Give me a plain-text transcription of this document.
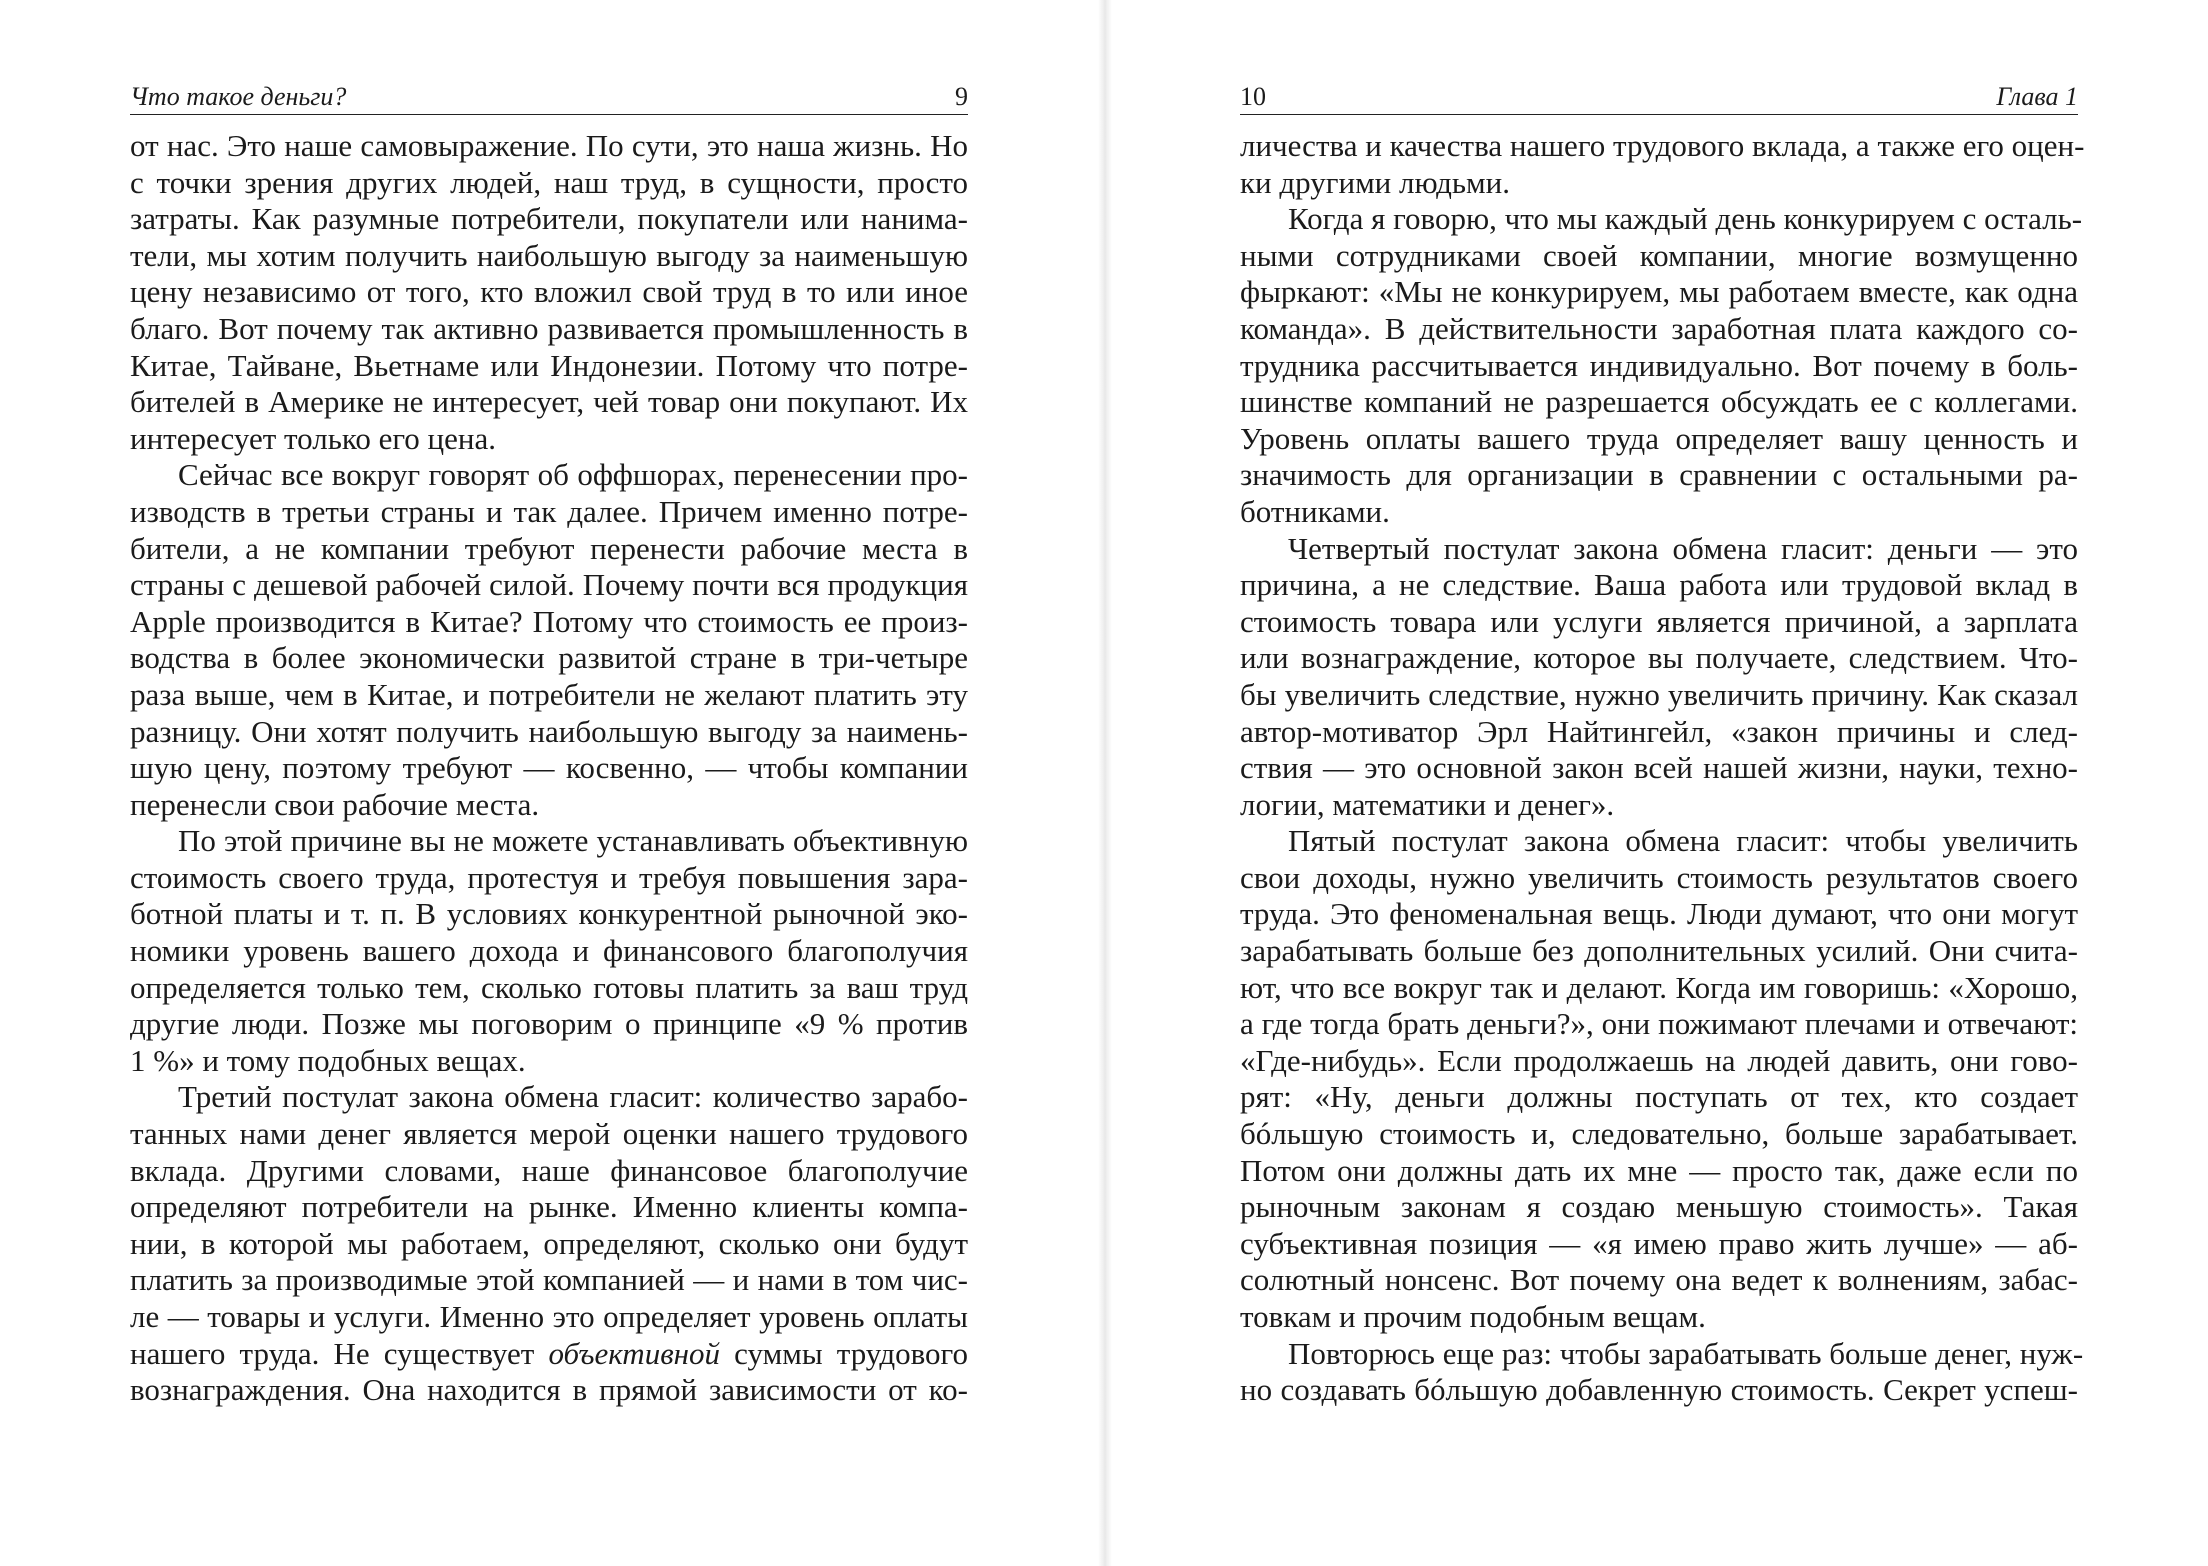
Что такое деньги?	9
от нас. Это наше самовыражение. По сути, это наша жизнь. Но
с точки зрения других людей, наш труд, в сущности, просто
затраты. Как разумные потребители, покупатели или нанима-
тели, мы хотим получить наибольшую выгоду за наименьшую
цену независимо от того, кто вложил свой труд в то или иное
благо. Вот почему так активно развивается промышленность в
Китае, Тайване, Вьетнаме или Индонезии. Потому что потре-
бителей в Америке не интересует, чей товар они покупают. Их
интересует только его цена.
Сейчас все вокруг говорят об оффшорах, перенесении про-
изводств в третьи страны и так далее. Причем именно потре-
бители, а не компании требуют перенести рабочие места в
страны с дешевой рабочей силой. Почему почти вся продукция
Apple производится в Китае? Потому что стоимость ее произ-
водства в более экономически развитой стране в три-четыре
раза выше, чем в Китае, и потребители не желают платить эту
разницу. Они хотят получить наибольшую выгоду за наимень-
шую цену, поэтому требуют — косвенно, — чтобы компании
перенесли свои рабочие места.
По этой причине вы не можете устанавливать объективную
стоимость своего труда, протестуя и требуя повышения зара-
ботной платы и т. п. В условиях конкурентной рыночной эко-
номики уровень вашего дохода и финансового благополучия
определяется только тем, сколько готовы платить за ваш труд
другие люди. Позже мы поговорим о принципе «9 % против
1 %» и тому подобных вещах.
Третий постулат закона обмена гласит: количество зарабо-
танных нами денег является мерой оценки нашего трудового
вклада. Другими словами, наше финансовое благополучие
определяют потребители на рынке. Именно клиенты компа-
нии, в которой мы работаем, определяют, сколько они будут
платить за производимые этой компанией — и нами в том чис-
ле — товары и услуги. Именно это определяет уровень оплаты
нашего труда. Не существует объективной суммы трудового
вознаграждения. Она находится в прямой зависимости от ко-
10	Глава 1
личества и качества нашего трудового вклада, а также его оцен-
ки другими людьми.
Когда я говорю, что мы каждый день конкурируем с осталь-
ными сотрудниками своей компании, многие возмущенно
фыркают: «Мы не конкурируем, мы работаем вместе, как одна
команда». В действительности заработная плата каждого со-
трудника рассчитывается индивидуально. Вот почему в боль-
шинстве компаний не разрешается обсуждать ее с коллегами.
Уровень оплаты вашего труда определяет вашу ценность и
значимость для организации в сравнении с остальными ра-
ботниками.
Четвертый постулат закона обмена гласит: деньги — это
причина, а не следствие. Ваша работа или трудовой вклад в
стоимость товара или услуги является причиной, а зарплата
или вознаграждение, которое вы получаете, следствием. Что-
бы увеличить следствие, нужно увеличить причину. Как сказал
автор-мотиватор Эрл Найтингейл, «закон причины и след-
ствия — это основной закон всей нашей жизни, науки, техно-
логии, математики и денег».
Пятый постулат закона обмена гласит: чтобы увеличить
свои доходы, нужно увеличить стоимость результатов своего
труда. Это феноменальная вещь. Люди думают, что они могут
зарабатывать больше без дополнительных усилий. Они счита-
ют, что все вокруг так и делают. Когда им говоришь: «Хорошо,
а где тогда брать деньги?», они пожимают плечами и отвечают:
«Где-нибудь». Если продолжаешь на людей давить, они гово-
рят: «Ну, деньги должны поступать от тех, кто создает
бóльшую стоимость и, следовательно, больше зарабатывает.
Потом они должны дать их мне — просто так, даже если по
рыночным законам я создаю меньшую стоимость». Такая
субъективная позиция — «я имею право жить лучше» — аб-
солютный нонсенс. Вот почему она ведет к волнениям, забас-
товкам и прочим подобным вещам.
Повторюсь еще раз: чтобы зарабатывать больше денег, нуж-
но создавать бóльшую добавленную стоимость. Секрет успеш-
